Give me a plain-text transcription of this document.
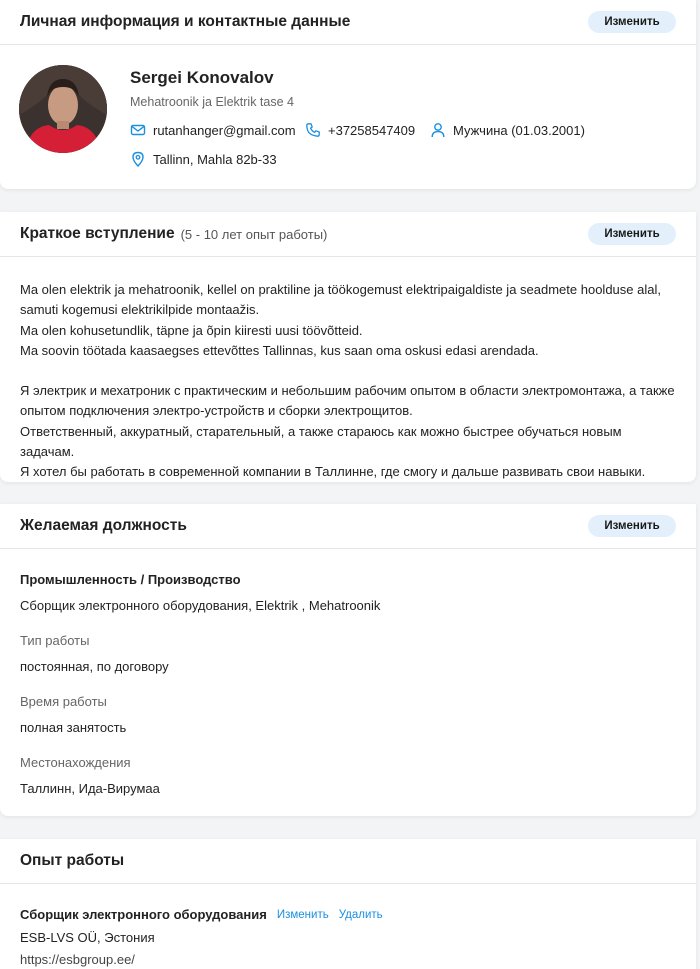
Личная информация и контактные данные	Изменить
Sergei Konovalov
Mehatroonik ja Elektrik tase 4
rutanhanger@gmail.com +37258547409	Мужчина (01.03.2001)
Tallinn, Mahla 82b-33
Краткое вступление (5 - 10 лет опыт работы)	Изменить

Ma olen elektrik ja mehatroonik, kellel on praktiline ja töökogemust elektripaigaldiste ja seadmete hoolduse alal, samuti kogemusi elektrikilpide montaažis.

Ma olen kohusetundlik, täpne ja õpin kiiresti uusi töövõtteid.

Ma soovin töötada kaasaegses ettevõttes Tallinnas, kus saan oma oskusi edasi arendada.

Я электрик и мехатроник с практическим и небольшим рабочим опытом в области электромонтажа, а также опытом подключения электро-устройств и сборки электрощитов.

Ответственный, аккуратный, старательный, а также стараюсь как можно быстрее обучаться новым задачам.

Я хотел бы работать в современной компании в Таллинне, где смогу и дальше развивать свои навыки.

Желаемая должность	Изменить
Промышленность / Производство
Сборщик электронного оборудования, Elektrik , Mehatroonik
Тип работы
постоянная, по договору
Время работы
полная занятость
Местонахождения
Таллинн, Ида-Вирумаа
Опыт работы
Сборщик электронного оборудования Изменить Удалить
ESB-LVS OÜ, Эстония
https://esbgroup.ee/
